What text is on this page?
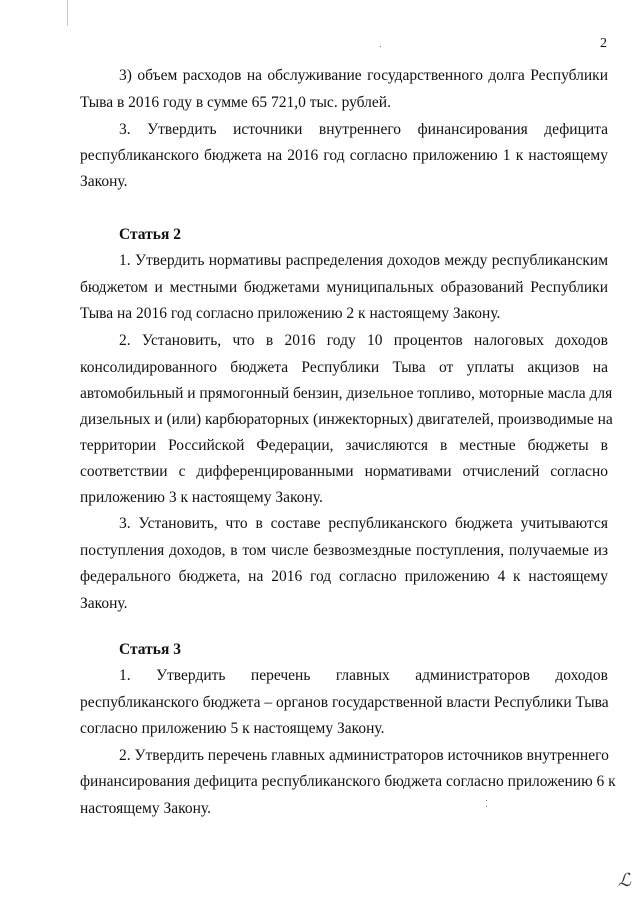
2
3) объем расходов на обслуживание государственного долга Республики
Тыва в 2016 году в сумме 65 721,0 тыс. рублей.
3. Утвердить источники внутреннего финансирования дефицита
республиканского бюджета на 2016 год согласно приложению 1 к настоящему
Закону.
Статья 2
1. Утвердить нормативы распределения доходов между республиканским
бюджетом и местными бюджетами муниципальных образований Республики
Тыва на 2016 год согласно приложению 2 к настоящему Закону.
2. Установить, что в 2016 году 10 процентов налоговых доходов
консолидированного бюджета Республики Тыва от уплаты акцизов на
автомобильный и прямогонный бензин, дизельное топливо, моторные масла для
дизельных и (или) карбюраторных (инжекторных) двигателей, производимые на
территории Российской Федерации, зачисляются в местные бюджеты в
соответствии с дифференцированными нормативами отчислений согласно
приложению 3 к настоящему Закону.
3. Установить, что в составе республиканского бюджета учитываются
поступления доходов, в том числе безвозмездные поступления, получаемые из
федерального бюджета, на 2016 год согласно приложению 4 к настоящему
Закону.
Статья 3
1. Утвердить перечень главных администраторов доходов
республиканского бюджета – органов государственной власти Республики Тыва
согласно приложению 5 к настоящему Закону.
2. Утвердить перечень главных администраторов источников внутреннего
финансирования дефицита республиканского бюджета согласно приложению 6 к
настоящему Закону.
ℒ
